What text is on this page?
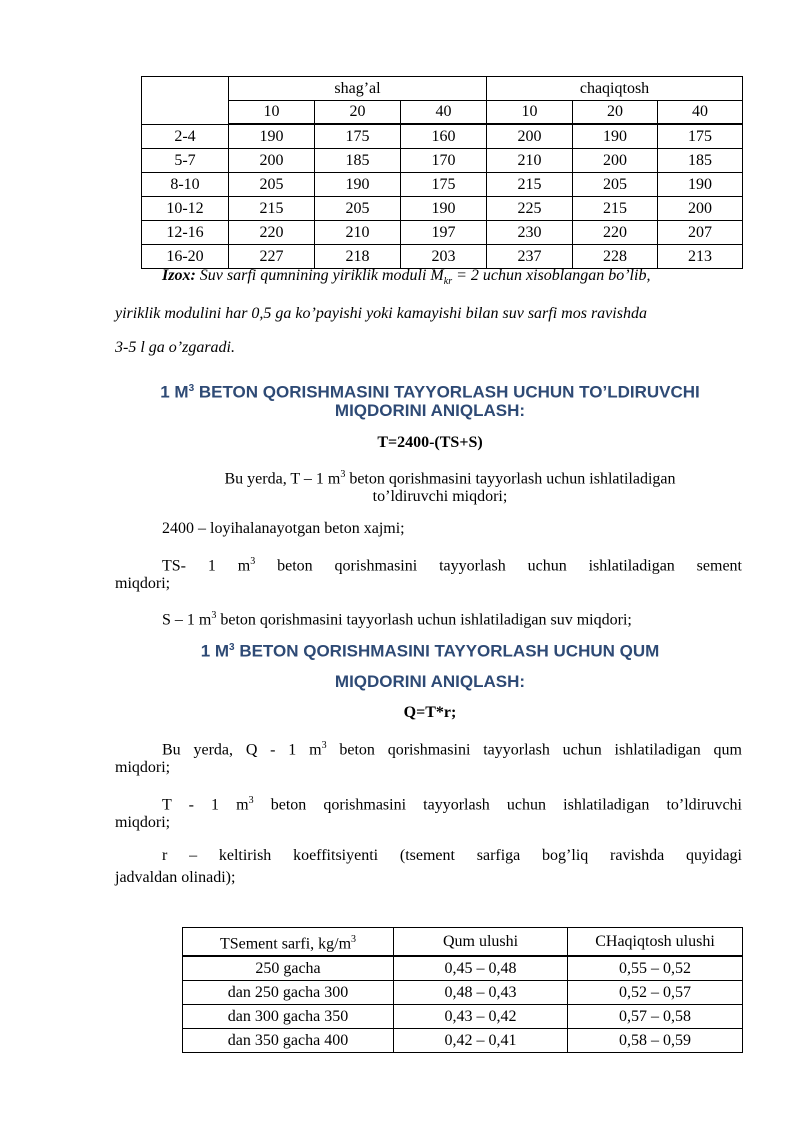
	shag’al			chaqiqtosh		
	10	20	40	10	20	40
2-4	190	175	160	200	190	175
5-7	200	185	170	210	200	185
8-10	205	190	175	215	205	190
10-12	215	205	190	225	215	200
12-16	220	210	197	230	220	207
16-20	227	218	203	237	228	213
Izox: Suv sarfi qumnining yiriklik moduli $M_{kr} = 2$ uchun xisoblangan bo’lib,
yiriklik modulini har 0,5 ga ko’payishi yoki kamayishi bilan suv sarfi mos ravishda
3-5 l ga o’zgaradi.
1 $M^3$ BETON QORISHMASINI TAYYORLASH UCHUN TO’LDIRUVCHI
MIQDORINI ANIQLASH:
T=2400-(TS+S)
Bu yerda, T – 1 $m^3$ beton qorishmasini tayyorlash uchun ishlatiladigan
to’ldiruvchi miqdori;
2400 – loyihalanayotgan beton xajmi;
TS- 1 $m^3$ beton qorishmasini tayyorlash uchun ishlatiladigan sement
miqdori;
S – 1 $m^3$ beton qorishmasini tayyorlash uchun ishlatiladigan suv miqdori;
1 $M^3$ BETON QORISHMASINI TAYYORLASH UCHUN QUM
MIQDORINI ANIQLASH:
Q=T*r;
Bu yerda, Q - 1 $m^3$ beton qorishmasini tayyorlash uchun ishlatiladigan qum
miqdori;
T - 1 $m^3$ beton qorishmasini tayyorlash uchun ishlatiladigan to’ldiruvchi
miqdori;
r – keltirish koeffitsiyenti (tsement sarfiga bog’liq ravishda quyidagi
jadvaldan olinadi);
TSement sarfi, $kg/m^3$	Qum ulushi	CHaqiqtosh ulushi
250 gacha	0,45 – 0,48	0,55 – 0,52
dan 250 gacha 300	0,48 – 0,43	0,52 – 0,57
dan 300 gacha 350	0,43 – 0,42	0,57 – 0,58
dan 350 gacha 400	0,42 – 0,41	0,58 – 0,59
